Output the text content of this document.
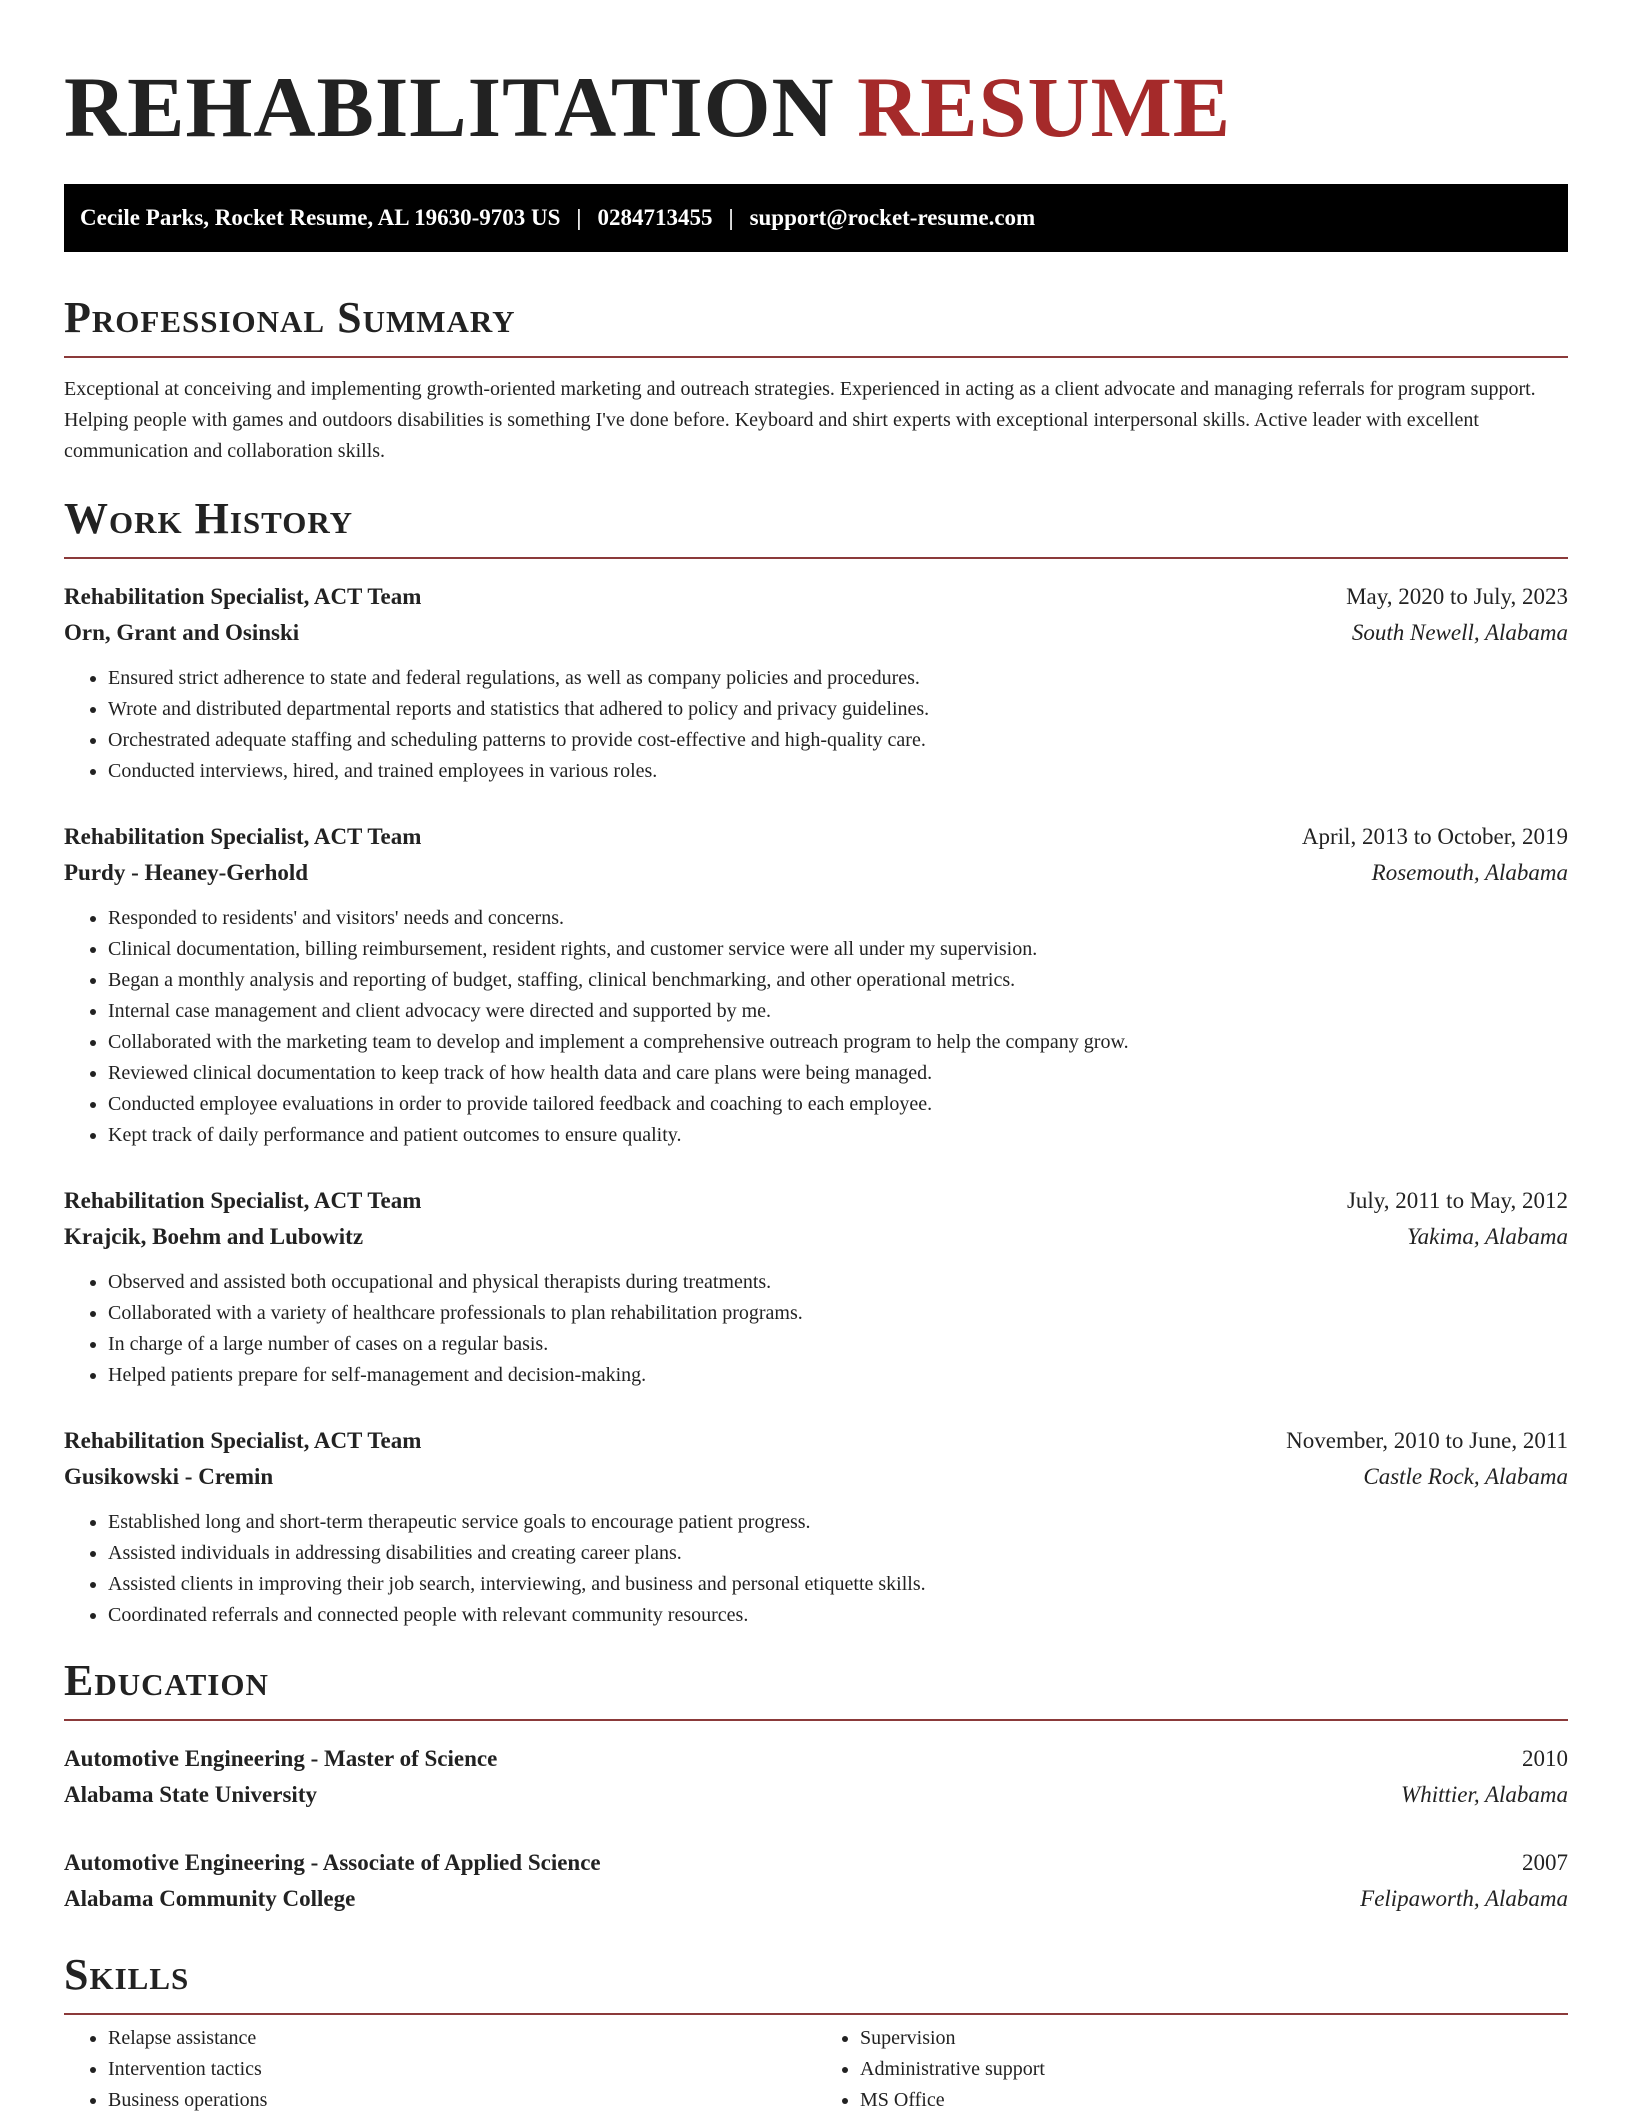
REHABILITATION RESUME
Cecile Parks, Rocket Resume, AL 19630-9703 US | 0284713455 | support@rocket-resume.com
Professional Summary

Exceptional at conceiving and implementing growth-oriented marketing and outreach strategies. Experienced in acting as a client advocate and managing referrals for program support. Helping people with games and outdoors disabilities is something I've done before. Keyboard and shirt experts with exceptional interpersonal skills. Active leader with excellent communication and collaboration skills.

Work History
Rehabilitation Specialist, ACT Team	May, 2020 to July, 2023
Orn, Grant and Osinski	South Newell, Alabama
• Ensured strict adherence to state and federal regulations, as well as company policies and procedures.
• Wrote and distributed departmental reports and statistics that adhered to policy and privacy guidelines.
• Orchestrated adequate staffing and scheduling patterns to provide cost-effective and high-quality care.
• Conducted interviews, hired, and trained employees in various roles.
Rehabilitation Specialist, ACT Team	April, 2013 to October, 2019
Purdy - Heaney-Gerhold	Rosemouth, Alabama
• Responded to residents' and visitors' needs and concerns.
• Clinical documentation, billing reimbursement, resident rights, and customer service were all under my supervision.
• Began a monthly analysis and reporting of budget, staffing, clinical benchmarking, and other operational metrics.
• Internal case management and client advocacy were directed and supported by me.
• Collaborated with the marketing team to develop and implement a comprehensive outreach program to help the company grow.
• Reviewed clinical documentation to keep track of how health data and care plans were being managed.
• Conducted employee evaluations in order to provide tailored feedback and coaching to each employee.
• Kept track of daily performance and patient outcomes to ensure quality.
Rehabilitation Specialist, ACT Team	July, 2011 to May, 2012
Krajcik, Boehm and Lubowitz	Yakima, Alabama
• Observed and assisted both occupational and physical therapists during treatments.
• Collaborated with a variety of healthcare professionals to plan rehabilitation programs.
• In charge of a large number of cases on a regular basis.
• Helped patients prepare for self-management and decision-making.
Rehabilitation Specialist, ACT Team	November, 2010 to June, 2011
Gusikowski - Cremin	Castle Rock, Alabama
• Established long and short-term therapeutic service goals to encourage patient progress.
• Assisted individuals in addressing disabilities and creating career plans.
• Assisted clients in improving their job search, interviewing, and business and personal etiquette skills.
• Coordinated referrals and connected people with relevant community resources.
Education
Automotive Engineering - Master of Science	2010
Alabama State University	Whittier, Alabama
Automotive Engineering - Associate of Applied Science	2007
Alabama Community College	Felipaworth, Alabama
Skills
• Relapse assistance
• Intervention tactics
• Business operations
• Supervision
• Administrative support
• MS Office
